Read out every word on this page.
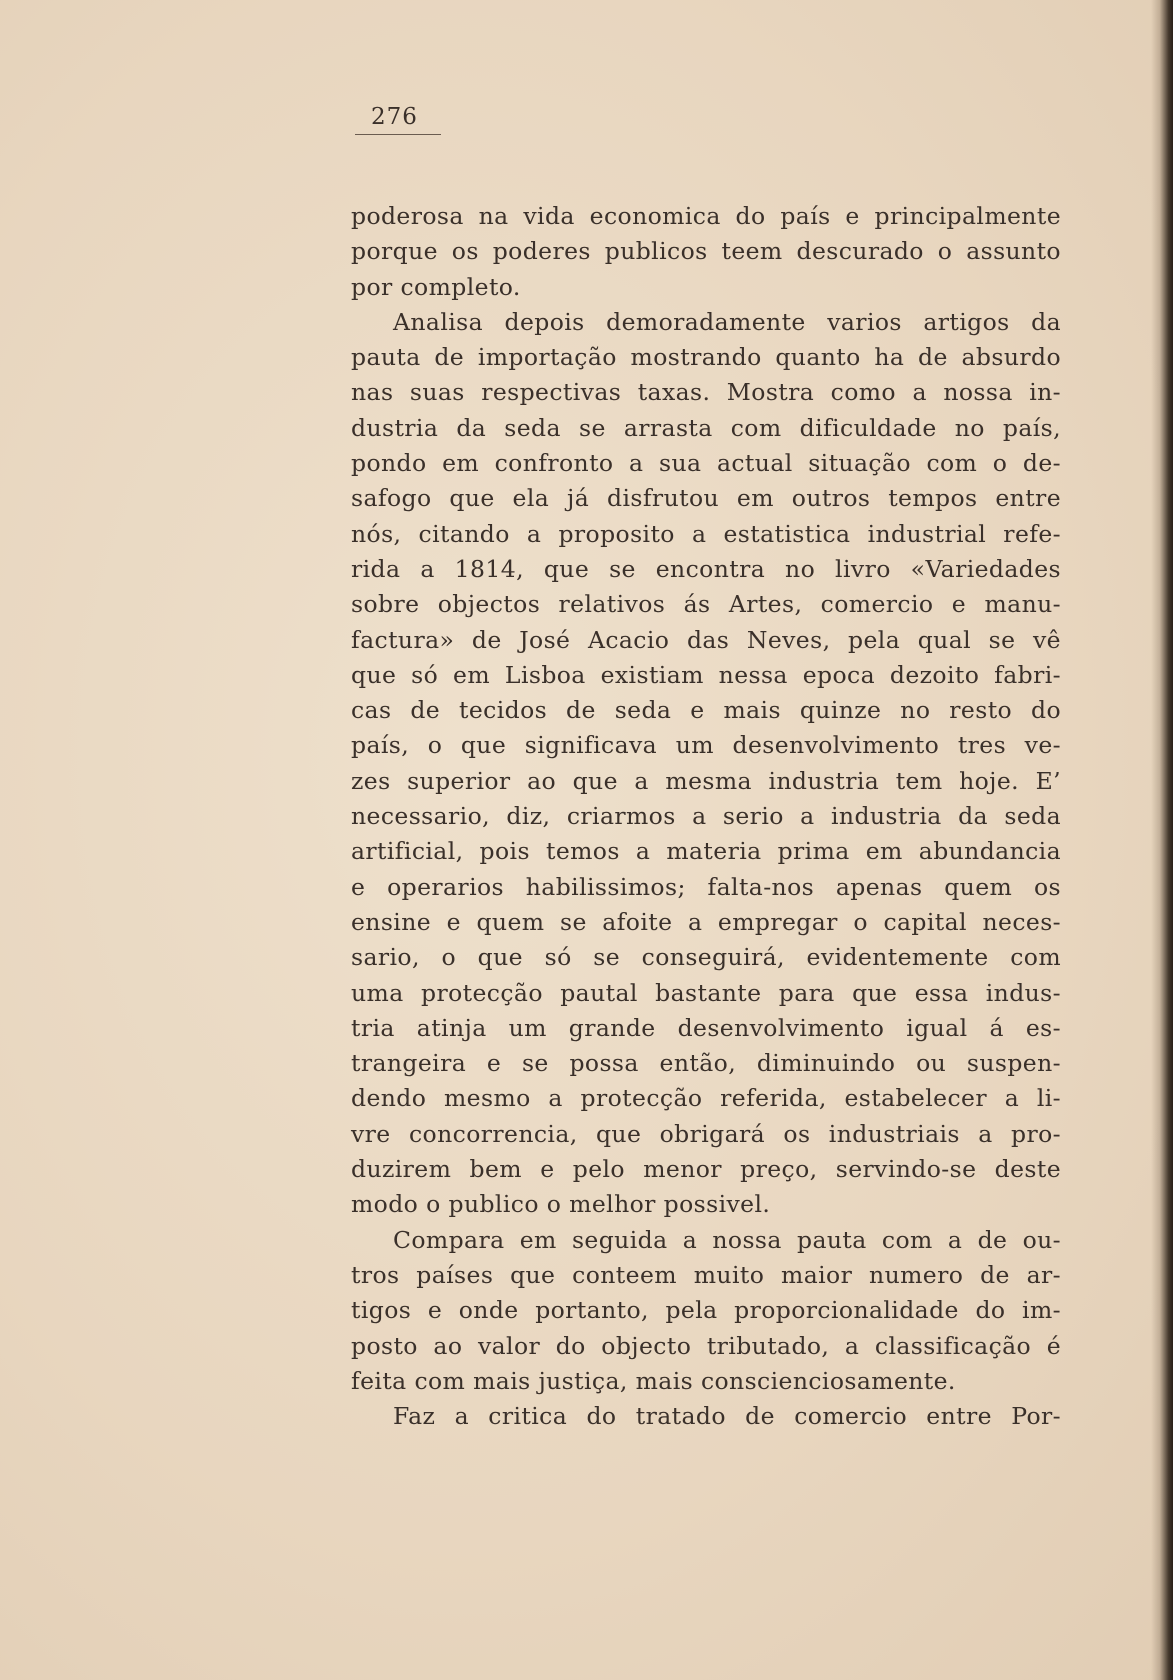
276
poderosa na vida economica do país e principalmente
porque os poderes publicos teem descurado o assunto
por completo.
Analisa depois demoradamente varios artigos da
pauta de importação mostrando quanto ha de absurdo
nas suas respectivas taxas. Mostra como a nossa in-
dustria da seda se arrasta com dificuldade no país,
pondo em confronto a sua actual situação com o de-
safogo que ela já disfrutou em outros tempos entre
nós, citando a proposito a estatistica industrial refe-
rida a 1814, que se encontra no livro «Variedades
sobre objectos relativos ás Artes, comercio e manu-
factura» de José Acacio das Neves, pela qual se vê
que só em Lisboa existiam nessa epoca dezoito fabri-
cas de tecidos de seda e mais quinze no resto do
país, o que significava um desenvolvimento tres ve-
zes superior ao que a mesma industria tem hoje. E’
necessario, diz, criarmos a serio a industria da seda
artificial, pois temos a materia prima em abundancia
e operarios habilissimos; falta-nos apenas quem os
ensine e quem se afoite a empregar o capital neces-
sario, o que só se conseguirá, evidentemente com
uma protecção pautal bastante para que essa indus-
tria atinja um grande desenvolvimento igual á es-
trangeira e se possa então, diminuindo ou suspen-
dendo mesmo a protecção referida, estabelecer a li-
vre concorrencia, que obrigará os industriais a pro-
duzirem bem e pelo menor preço, servindo-se deste
modo o publico o melhor possivel.
Compara em seguida a nossa pauta com a de ou-
tros países que conteem muito maior numero de ar-
tigos e onde portanto, pela proporcionalidade do im-
posto ao valor do objecto tributado, a classificação é
feita com mais justiça, mais conscienciosamente.
Faz a critica do tratado de comercio entre Por-
